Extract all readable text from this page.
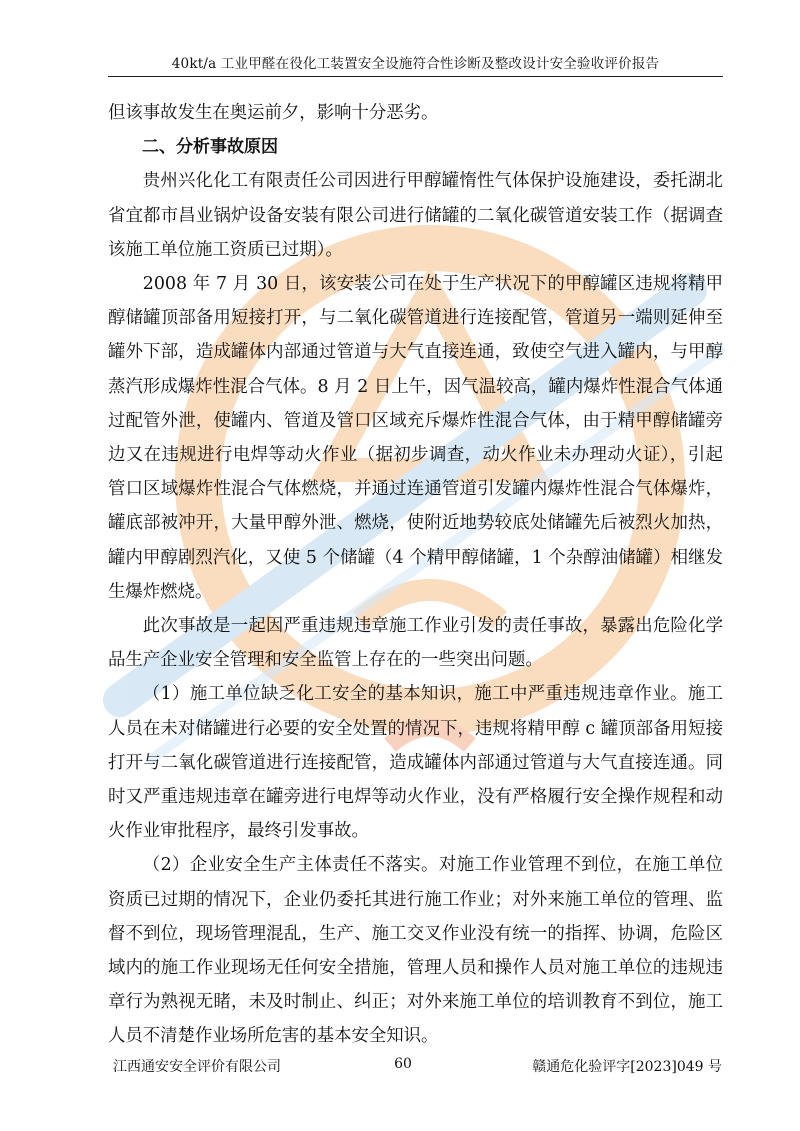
40kt/a 工业甲醛在役化工装置安全设施符合性诊断及整改设计安全验收评价报告

但该事故发生在奥运前夕，影响十分恶劣。

二、分析事故原因

贵州兴化化工有限责任公司因进行甲醇罐惰性气体保护设施建设，委托湖北省宜都市昌业锅炉设备安装有限公司进行储罐的二氧化碳管道安装工作（据调查该施工单位施工资质已过期）。

2008 年 7 月 30 日，该安装公司在处于生产状况下的甲醇罐区违规将精甲醇储罐顶部备用短接打开，与二氧化碳管道进行连接配管，管道另一端则延伸至罐外下部，造成罐体内部通过管道与大气直接连通，致使空气进入罐内，与甲醇蒸汽形成爆炸性混合气体。8 月 2 日上午，因气温较高，罐内爆炸性混合气体通过配管外泄，使罐内、管道及管口区域充斥爆炸性混合气体，由于精甲醇储罐旁边又在违规进行电焊等动火作业（据初步调查，动火作业未办理动火证），引起管口区域爆炸性混合气体燃烧，并通过连通管道引发罐内爆炸性混合气体爆炸，罐底部被冲开，大量甲醇外泄、燃烧，使附近地势较底处储罐先后被烈火加热，罐内甲醇剧烈汽化，又使 5 个储罐（4 个精甲醇储罐，1 个杂醇油储罐）相继发生爆炸燃烧。

此次事故是一起因严重违规违章施工作业引发的责任事故，暴露出危险化学品生产企业安全管理和安全监管上存在的一些突出问题。

（1）施工单位缺乏化工安全的基本知识，施工中严重违规违章作业。施工人员在未对储罐进行必要的安全处置的情况下，违规将精甲醇 c 罐顶部备用短接打开与二氧化碳管道进行连接配管，造成罐体内部通过管道与大气直接连通。同时又严重违规违章在罐旁进行电焊等动火作业，没有严格履行安全操作规程和动火作业审批程序，最终引发事故。

（2）企业安全生产主体责任不落实。对施工作业管理不到位，在施工单位资质已过期的情况下，企业仍委托其进行施工作业；对外来施工单位的管理、监督不到位，现场管理混乱，生产、施工交叉作业没有统一的指挥、协调，危险区域内的施工作业现场无任何安全措施，管理人员和操作人员对施工单位的违规违章行为熟视无睹，未及时制止、纠正；对外来施工单位的培训教育不到位，施工人员不清楚作业场所危害的基本安全知识。

江西通安安全评价有限公司	60	赣通危化验评字[2023]049 号
